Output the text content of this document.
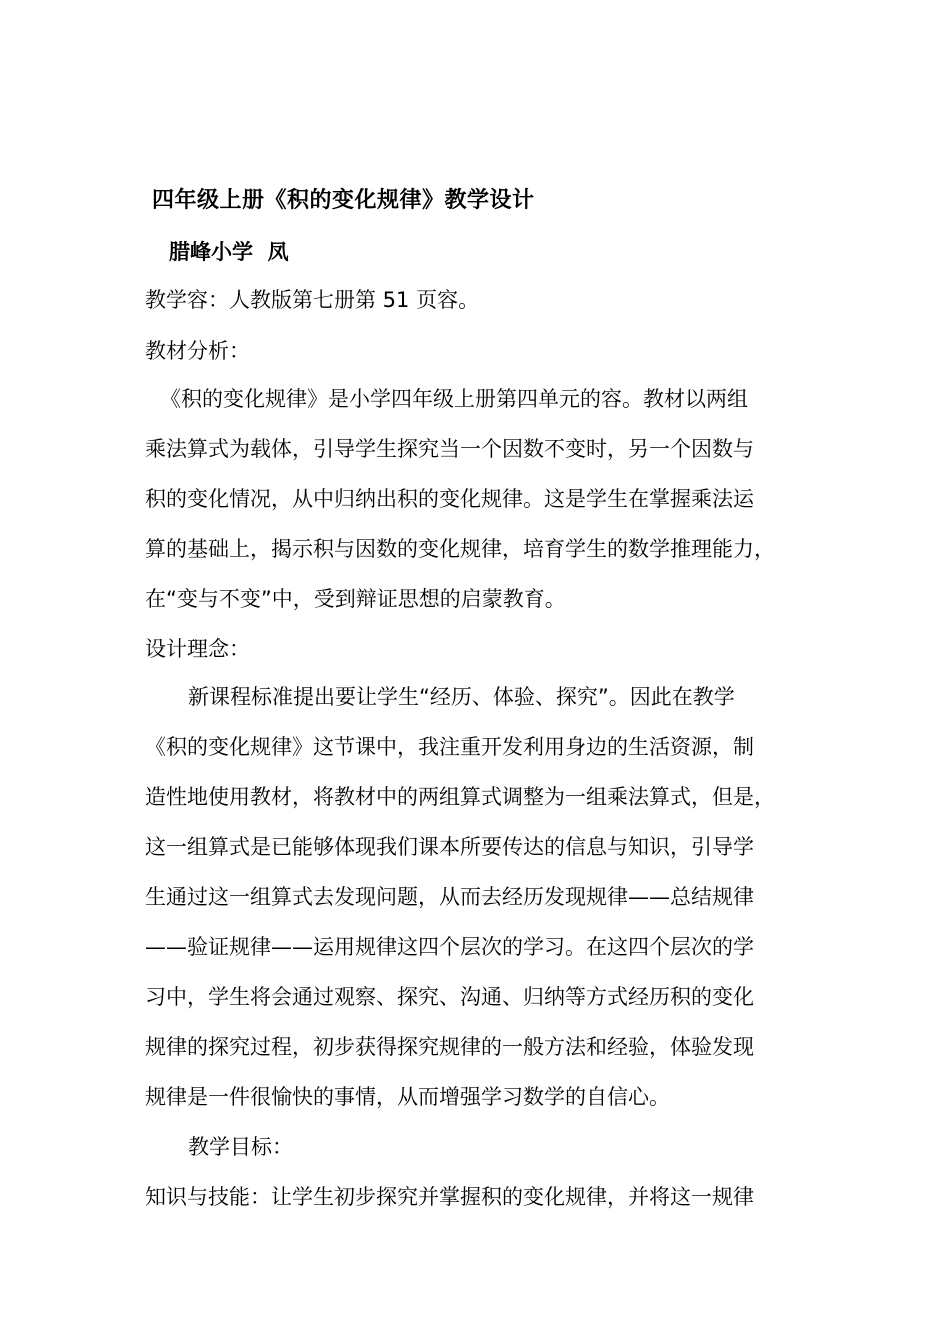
四年级上册《积的变化规律》教学设计
腊峰小学  凤
教学容：人教版第七册第 51 页容。
教材分析：
《积的变化规律》是小学四年级上册第四单元的容。教材以两组
乘法算式为载体，引导学生探究当一个因数不变时，另一个因数与
积的变化情况，从中归纳出积的变化规律。这是学生在掌握乘法运
算的基础上，揭示积与因数的变化规律，培育学生的数学推理能力，
在“变与不变”中，受到辩证思想的启蒙教育。
设计理念：
新课程标准提出要让学生“经历、体验、探究”。因此在教学
《积的变化规律》这节课中，我注重开发利用身边的生活资源，制
造性地使用教材，将教材中的两组算式调整为一组乘法算式，但是，
这一组算式是已能够体现我们课本所要传达的信息与知识，引导学
生通过这一组算式去发现问题，从而去经历发现规律——总结规律
——验证规律——运用规律这四个层次的学习。在这四个层次的学
习中，学生将会通过观察、探究、沟通、归纳等方式经历积的变化
规律的探究过程，初步获得探究规律的一般方法和经验，体验发现
规律是一件很愉快的事情，从而增强学习数学的自信心。
教学目标：
知识与技能：让学生初步探究并掌握积的变化规律，并将这一规律
